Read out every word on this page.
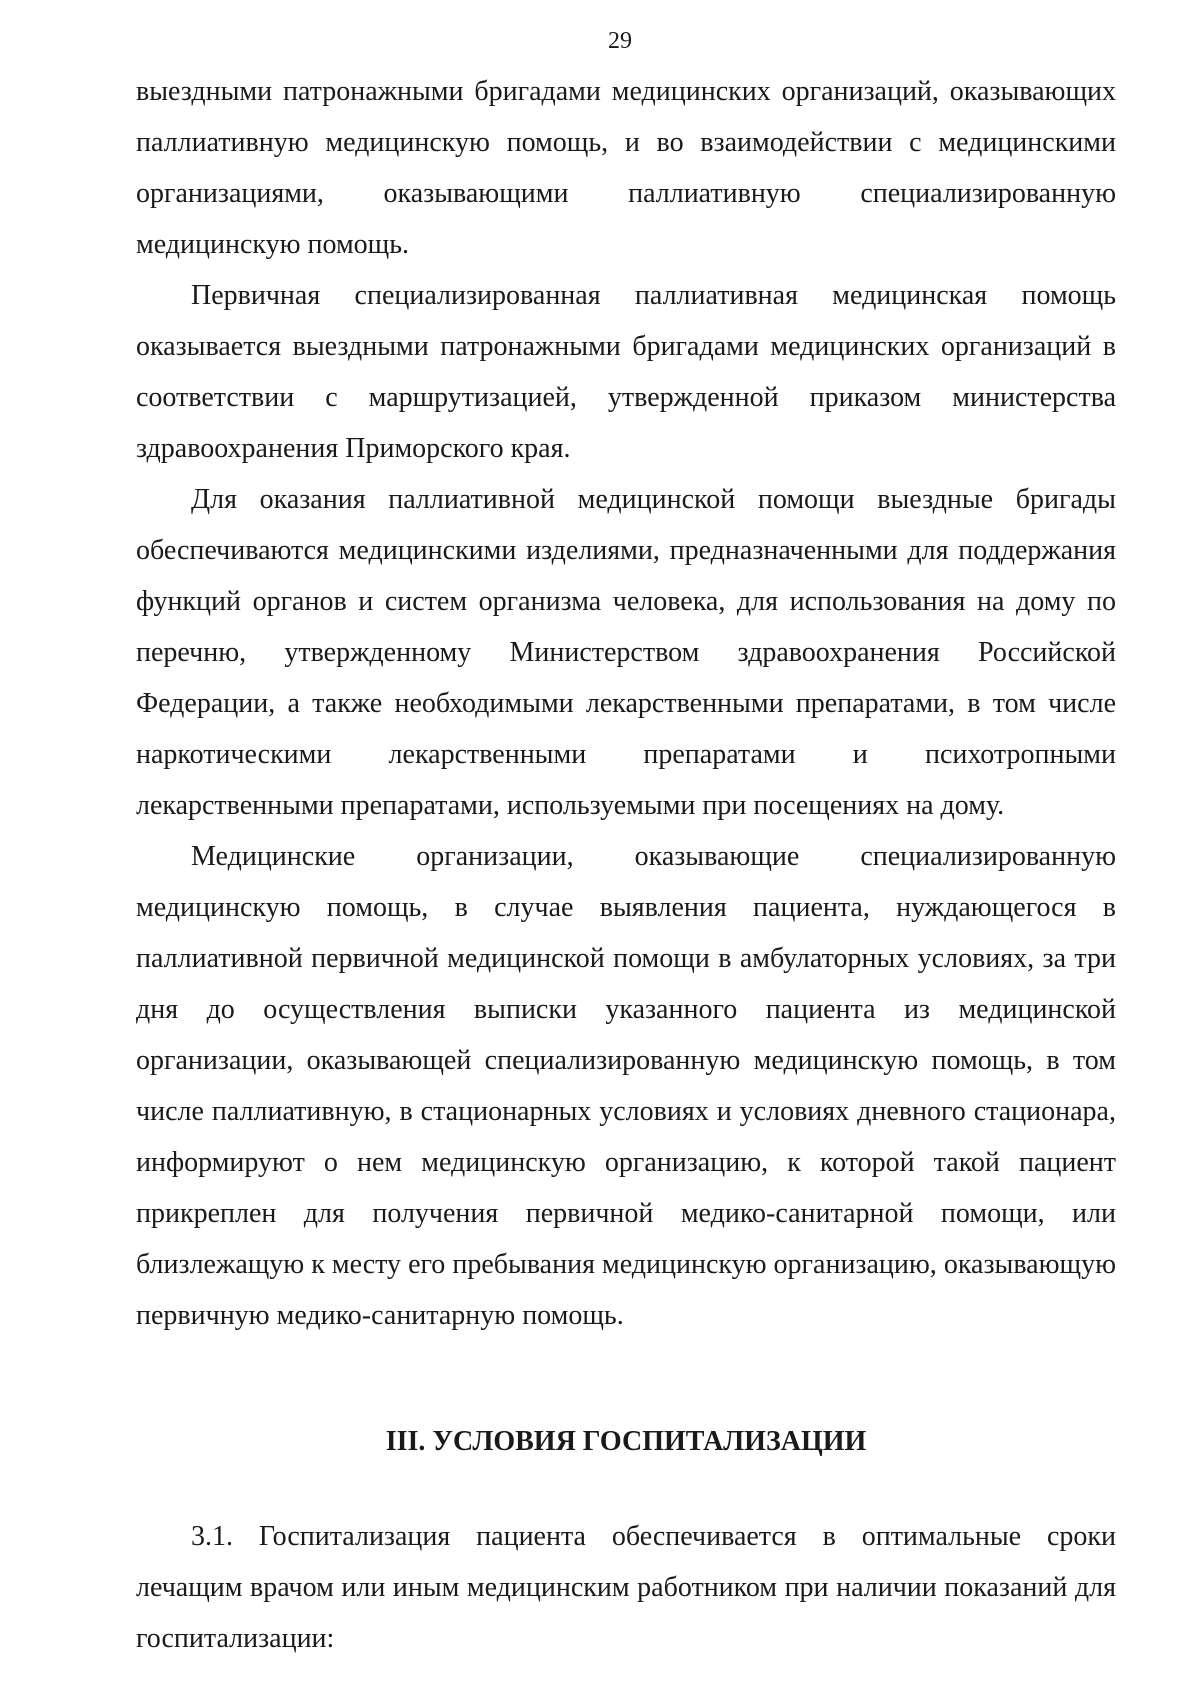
29

выездными патронажными бригадами медицинских организаций, оказывающих паллиативную медицинскую помощь, и во взаимодействии с медицинскими организациями, оказывающими паллиативную специализированную медицинскую помощь.

Первичная специализированная паллиативная медицинская помощь оказывается выездными патронажными бригадами медицинских организаций в соответствии с маршрутизацией, утвержденной приказом министерства здравоохранения Приморского края.

Для оказания паллиативной медицинской помощи выездные бригады обеспечиваются медицинскими изделиями, предназначенными для поддержания функций органов и систем организма человека, для использования на дому по перечню, утвержденному Министерством здравоохранения Российской Федерации, а также необходимыми лекарственными препаратами, в том числе наркотическими лекарственными препаратами и психотропными лекарственными препаратами, используемыми при посещениях на дому.

Медицинские организации, оказывающие специализированную медицинскую помощь, в случае выявления пациента, нуждающегося в паллиативной первичной медицинской помощи в амбулаторных условиях, за три дня до осуществления выписки указанного пациента из медицинской организации, оказывающей специализированную медицинскую помощь, в том числе паллиативную, в стационарных условиях и условиях дневного стационара, информируют о нем медицинскую организацию, к которой такой пациент прикреплен для получения первичной медико-санитарной помощи, или близлежащую к месту его пребывания медицинскую организацию, оказывающую первичную медико-санитарную помощь.

III. УСЛОВИЯ ГОСПИТАЛИЗАЦИИ

3.1. Госпитализация пациента обеспечивается в оптимальные сроки лечащим врачом или иным медицинским работником при наличии показаний для госпитализации:
